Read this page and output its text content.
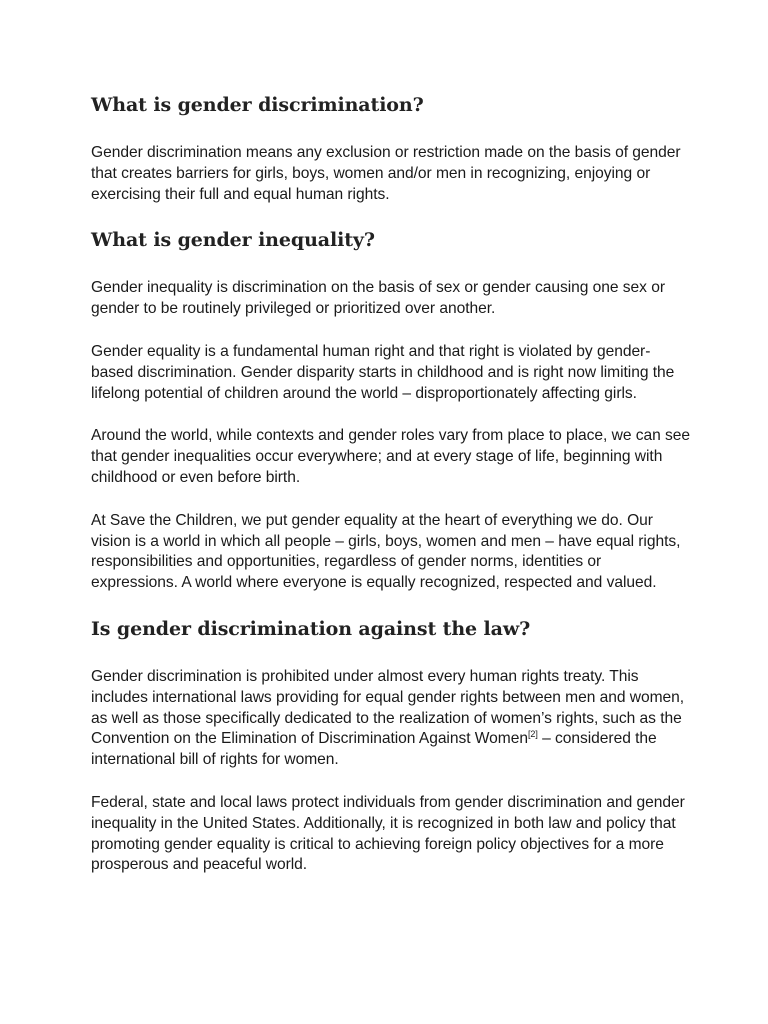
What is gender discrimination?

Gender discrimination means any exclusion or restriction made on the basis of gender that creates barriers for girls, boys, women and/or men in recognizing, enjoying or exercising their full and equal human rights.

What is gender inequality?

Gender inequality is discrimination on the basis of sex or gender causing one sex or gender to be routinely privileged or prioritized over another.

Gender equality is a fundamental human right and that right is violated by gender-based discrimination. Gender disparity starts in childhood and is right now limiting the lifelong potential of children around the world – disproportionately affecting girls.

Around the world, while contexts and gender roles vary from place to place, we can see that gender inequalities occur everywhere; and at every stage of life, beginning with childhood or even before birth.

At Save the Children, we put gender equality at the heart of everything we do. Our vision is a world in which all people – girls, boys, women and men – have equal rights, responsibilities and opportunities, regardless of gender norms, identities or expressions. A world where everyone is equally recognized, respected and valued.

Is gender discrimination against the law?

Gender discrimination is prohibited under almost every human rights treaty. This includes international laws providing for equal gender rights between men and women, as well as those specifically dedicated to the realization of women’s rights, such as the Convention on the Elimination of Discrimination Against Women[2] – considered the international bill of rights for women.

Federal, state and local laws protect individuals from gender discrimination and gender inequality in the United States. Additionally, it is recognized in both law and policy that promoting gender equality is critical to achieving foreign policy objectives for a more prosperous and peaceful world.
